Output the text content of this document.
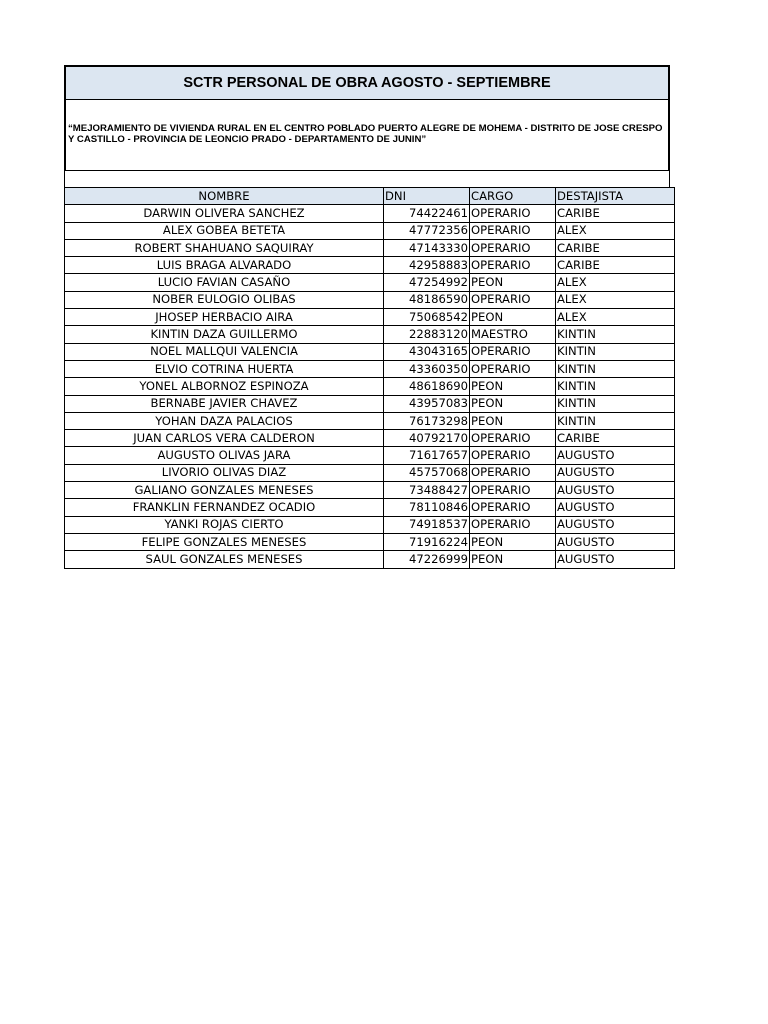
SCTR PERSONAL DE OBRA AGOSTO - SEPTIEMBRE
“MEJORAMIENTO DE VIVIENDA RURAL EN EL CENTRO POBLADO PUERTO ALEGRE DE MOHEMA - DISTRITO DE JOSE CRESPO Y CASTILLO - PROVINCIA DE LEONCIO PRADO - DEPARTAMENTO DE JUNIN”
NOMBRE	DNI	CARGO	DESTAJISTA
DARWIN OLIVERA SANCHEZ	74422461	OPERARIO	CARIBE
ALEX GOBEA BETETA	47772356	OPERARIO	ALEX
ROBERT SHAHUANO SAQUIRAY	47143330	OPERARIO	CARIBE
LUIS BRAGA ALVARADO	42958883	OPERARIO	CARIBE
LUCIO FAVIAN CASAÑO	47254992	PEON	ALEX
NOBER EULOGIO OLIBAS	48186590	OPERARIO	ALEX
JHOSEP HERBACIO AIRA	75068542	PEON	ALEX
KINTIN DAZA GUILLERMO	22883120	MAESTRO	KINTIN
NOEL MALLQUI VALENCIA	43043165	OPERARIO	KINTIN
ELVIO COTRINA HUERTA	43360350	OPERARIO	KINTIN
YONEL ALBORNOZ ESPINOZA	48618690	PEON	KINTIN
BERNABE JAVIER CHAVEZ	43957083	PEON	KINTIN
YOHAN DAZA PALACIOS	76173298	PEON	KINTIN
JUAN CARLOS VERA CALDERON	40792170	OPERARIO	CARIBE
AUGUSTO OLIVAS JARA	71617657	OPERARIO	AUGUSTO
LIVORIO OLIVAS DIAZ	45757068	OPERARIO	AUGUSTO
GALIANO GONZALES MENESES	73488427	OPERARIO	AUGUSTO
FRANKLIN FERNANDEZ OCADIO	78110846	OPERARIO	AUGUSTO
YANKI ROJAS CIERTO	74918537	OPERARIO	AUGUSTO
FELIPE GONZALES MENESES	71916224	PEON	AUGUSTO
SAUL GONZALES MENESES	47226999	PEON	AUGUSTO
